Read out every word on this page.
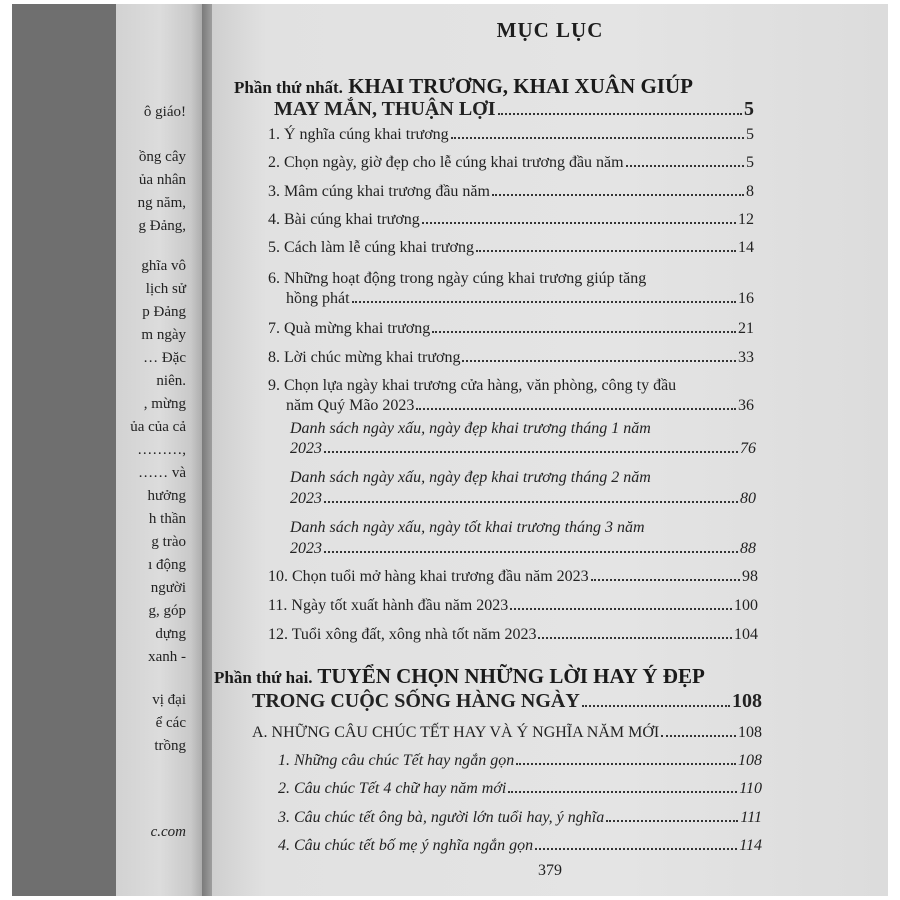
ô giáo!
ồng cây
ủa nhân
ng năm,
g Đảng,
ghĩa vô
lịch sử
p Đảng
m ngày
… Đặc
niên.
, mừng
ủa của cả
………,
…… và
hưởng
h thần
g trào
ı động
người
g, góp
dựng
xanh -
vị đại
ể các
trồng
c.com
MỤC LỤC
Phần thứ nhất. KHAI TRƯƠNG, KHAI XUÂN GIÚP
MAY MẮN, THUẬN LỢI	5
1. Ý nghĩa cúng khai trương	5
2. Chọn ngày, giờ đẹp cho lễ cúng khai trương đầu năm	5
3. Mâm cúng khai trương đầu năm	8
4. Bài cúng khai trương	12
5. Cách làm lễ cúng khai trương	14
6. Những hoạt động trong ngày cúng khai trương giúp tăng
hồng phát	16
7. Quà mừng khai trương	21
8. Lời chúc mừng khai trương	33
9. Chọn lựa ngày khai trương cửa hàng, văn phòng, công ty đầu
năm Quý Mão 2023	36
Danh sách ngày xấu, ngày đẹp khai trương tháng 1 năm
2023	76
Danh sách ngày xấu, ngày đẹp khai trương tháng 2 năm
2023	80
Danh sách ngày xấu, ngày tốt khai trương tháng 3 năm
2023	88
10. Chọn tuổi mở hàng khai trương đầu năm 2023	98
11. Ngày tốt xuất hành đầu năm 2023	100
12. Tuổi xông đất, xông nhà tốt năm 2023	104
Phần thứ hai. TUYỂN CHỌN NHỮNG LỜI HAY Ý ĐẸP
TRONG CUỘC SỐNG HÀNG NGÀY	108
A. NHỮNG CÂU CHÚC TẾT HAY VÀ Ý NGHĨA NĂM MỚI	108
1. Những câu chúc Tết hay ngắn gọn	108
2. Câu chúc Tết 4 chữ hay năm mới	110
3. Câu chúc tết ông bà, người lớn tuổi hay, ý nghĩa	111
4. Câu chúc tết bố mẹ ý nghĩa ngắn gọn	114
379
